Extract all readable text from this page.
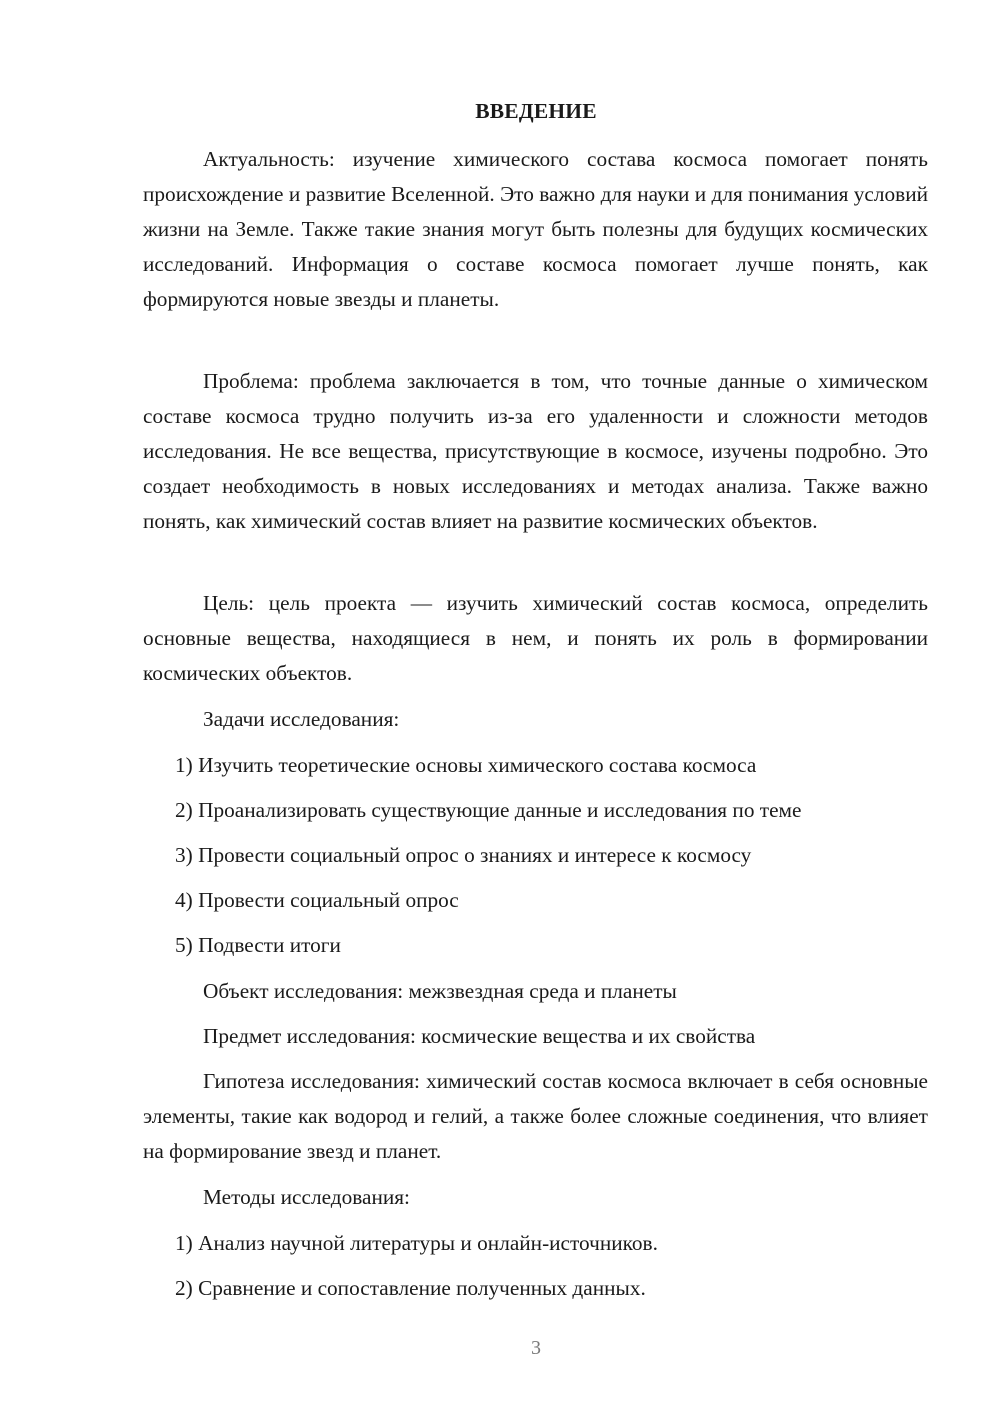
ВВЕДЕНИЕ

Актуальность: изучение химического состава космоса помогает понять происхождение и развитие Вселенной. Это важно для науки и для понимания условий жизни на Земле. Также такие знания могут быть полезны для будущих космических исследований. Информация о составе космоса помогает лучше понять, как формируются новые звезды и планеты.

Проблема: проблема заключается в том, что точные данные о химическом составе космоса трудно получить из-за его удаленности и сложности методов исследования. Не все вещества, присутствующие в космосе, изучены подробно. Это создает необходимость в новых исследованиях и методах анализа. Также важно понять, как химический состав влияет на развитие космических объектов.

Цель: цель проекта — изучить химический состав космоса, определить основные вещества, находящиеся в нем, и понять их роль в формировании космических объектов.

Задачи исследования:
1) Изучить теоретические основы химического состава космоса
2) Проанализировать существующие данные и исследования по теме
3) Провести социальный опрос о знаниях и интересе к космосу
4) Провести социальный опрос
5) Подвести итоги
Объект исследования: межзвездная среда и планеты
Предмет исследования: космические вещества и их свойства

Гипотеза исследования: химический состав космоса включает в себя основные элементы, такие как водород и гелий, а также более сложные соединения, что влияет на формирование звезд и планет.

Методы исследования:
1) Анализ научной литературы и онлайн-источников.
2) Сравнение и сопоставление полученных данных.
3
